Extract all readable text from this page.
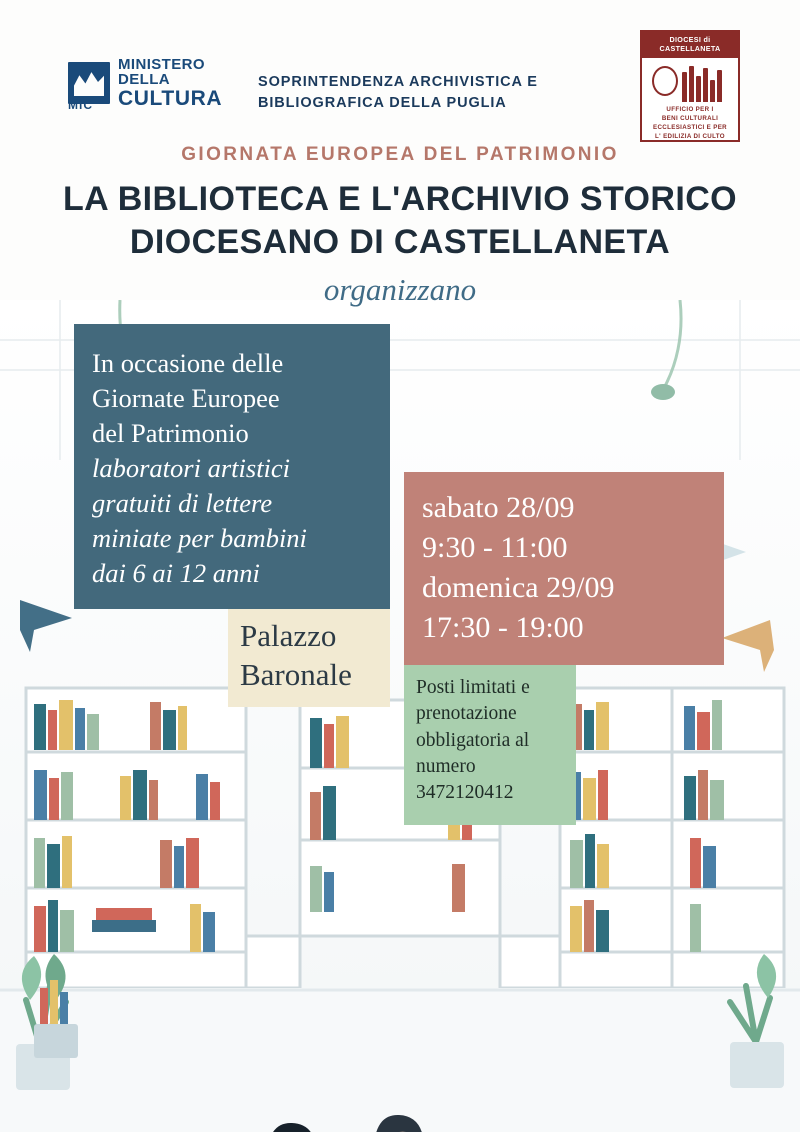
MINISTERO
DELLA
CULTURA
MiC
SOPRINTENDENZA ARCHIVISTICA E BIBLIOGRAFICA DELLA PUGLIA
DIOCESI di
CASTELLANETA
UFFICIO PER I
BENI CULTURALI
ECCLESIASTICI E PER
L' EDILIZIA DI CULTO
GIORNATA EUROPEA DEL PATRIMONIO
LA BIBLIOTECA E L'ARCHIVIO STORICO
DIOCESANO DI CASTELLANETA
organizzano
In occasione delle
Giornate Europee
del Patrimonio
laboratori artistici
gratuiti di lettere
miniate per bambini
dai 6 ai 12 anni
sabato 28/09
9:30 - 11:00
domenica 29/09
17:30 - 19:00
Palazzo
Baronale	Posti limitati e
prenotazione
obbligatoria al
numero
3472120412
